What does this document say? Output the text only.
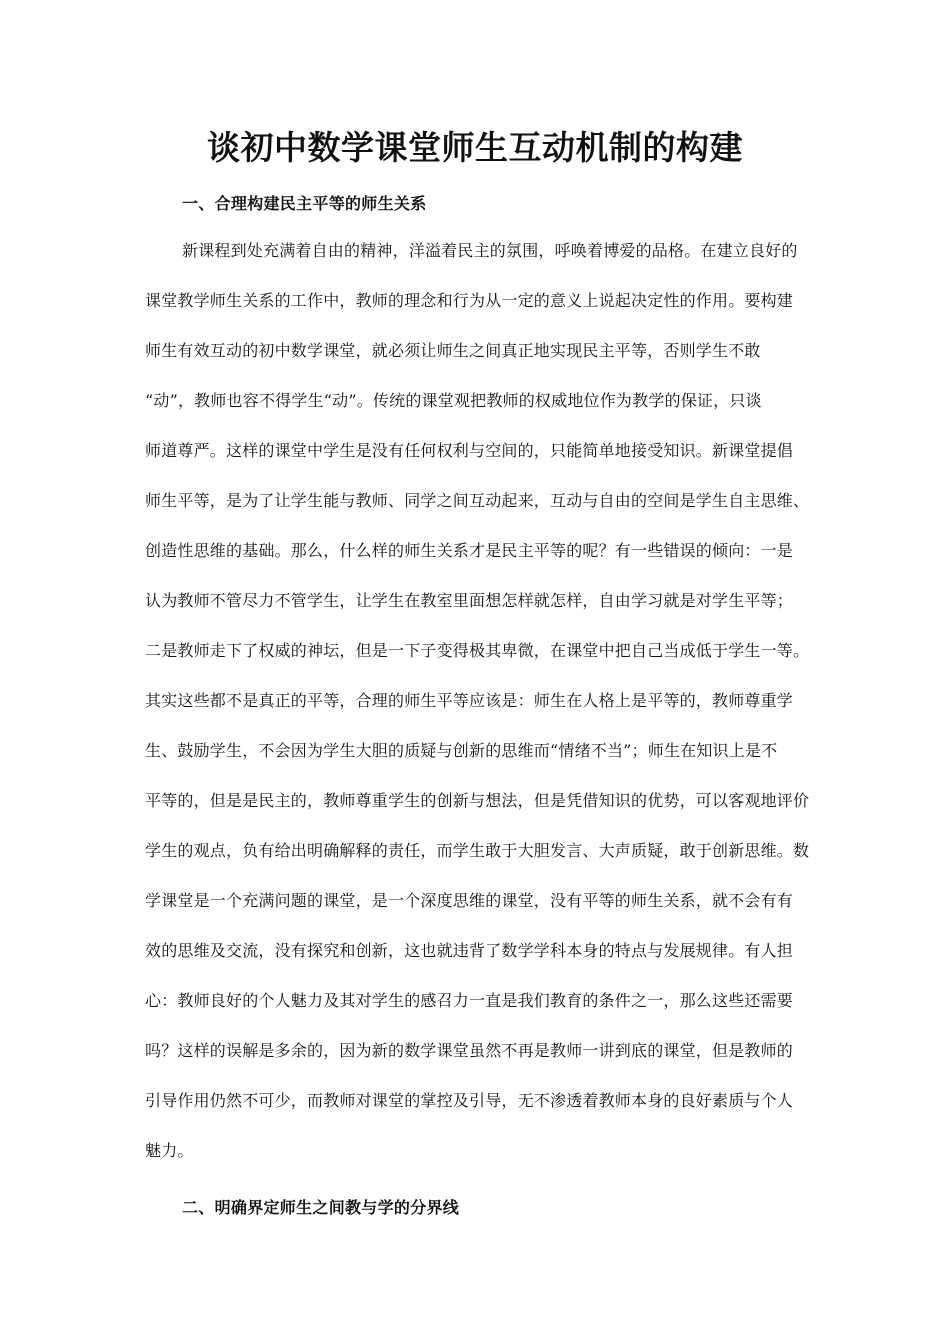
谈初中数学课堂师生互动机制的构建
一、合理构建民主平等的师生关系
新课程到处充满着自由的精神，洋溢着民主的氛围，呼唤着博爱的品格。在建立良好的
课堂教学师生关系的工作中，教师的理念和行为从一定的意义上说起决定性的作用。要构建
师生有效互动的初中数学课堂，就必须让师生之间真正地实现民主平等，否则学生不敢
“动”，教师也容不得学生“动”。传统的课堂观把教师的权威地位作为教学的保证，只谈
师道尊严。这样的课堂中学生是没有任何权利与空间的，只能简单地接受知识。新课堂提倡
师生平等，是为了让学生能与教师、同学之间互动起来，互动与自由的空间是学生自主思维、
创造性思维的基础。那么，什么样的师生关系才是民主平等的呢？有一些错误的倾向：一是
认为教师不管尽力不管学生，让学生在教室里面想怎样就怎样，自由学习就是对学生平等；
二是教师走下了权威的神坛，但是一下子变得极其卑微，在课堂中把自己当成低于学生一等。
其实这些都不是真正的平等，合理的师生平等应该是：师生在人格上是平等的，教师尊重学
生、鼓励学生，不会因为学生大胆的质疑与创新的思维而“情绪不当”；师生在知识上是不
平等的，但是是民主的，教师尊重学生的创新与想法，但是凭借知识的优势，可以客观地评价
学生的观点，负有给出明确解释的责任，而学生敢于大胆发言、大声质疑，敢于创新思维。数
学课堂是一个充满问题的课堂，是一个深度思维的课堂，没有平等的师生关系，就不会有有
效的思维及交流，没有探究和创新，这也就违背了数学学科本身的特点与发展规律。有人担
心：教师良好的个人魅力及其对学生的感召力一直是我们教育的条件之一，那么这些还需要
吗？这样的误解是多余的，因为新的数学课堂虽然不再是教师一讲到底的课堂，但是教师的
引导作用仍然不可少，而教师对课堂的掌控及引导，无不渗透着教师本身的良好素质与个人
魅力。
二、明确界定师生之间教与学的分界线
